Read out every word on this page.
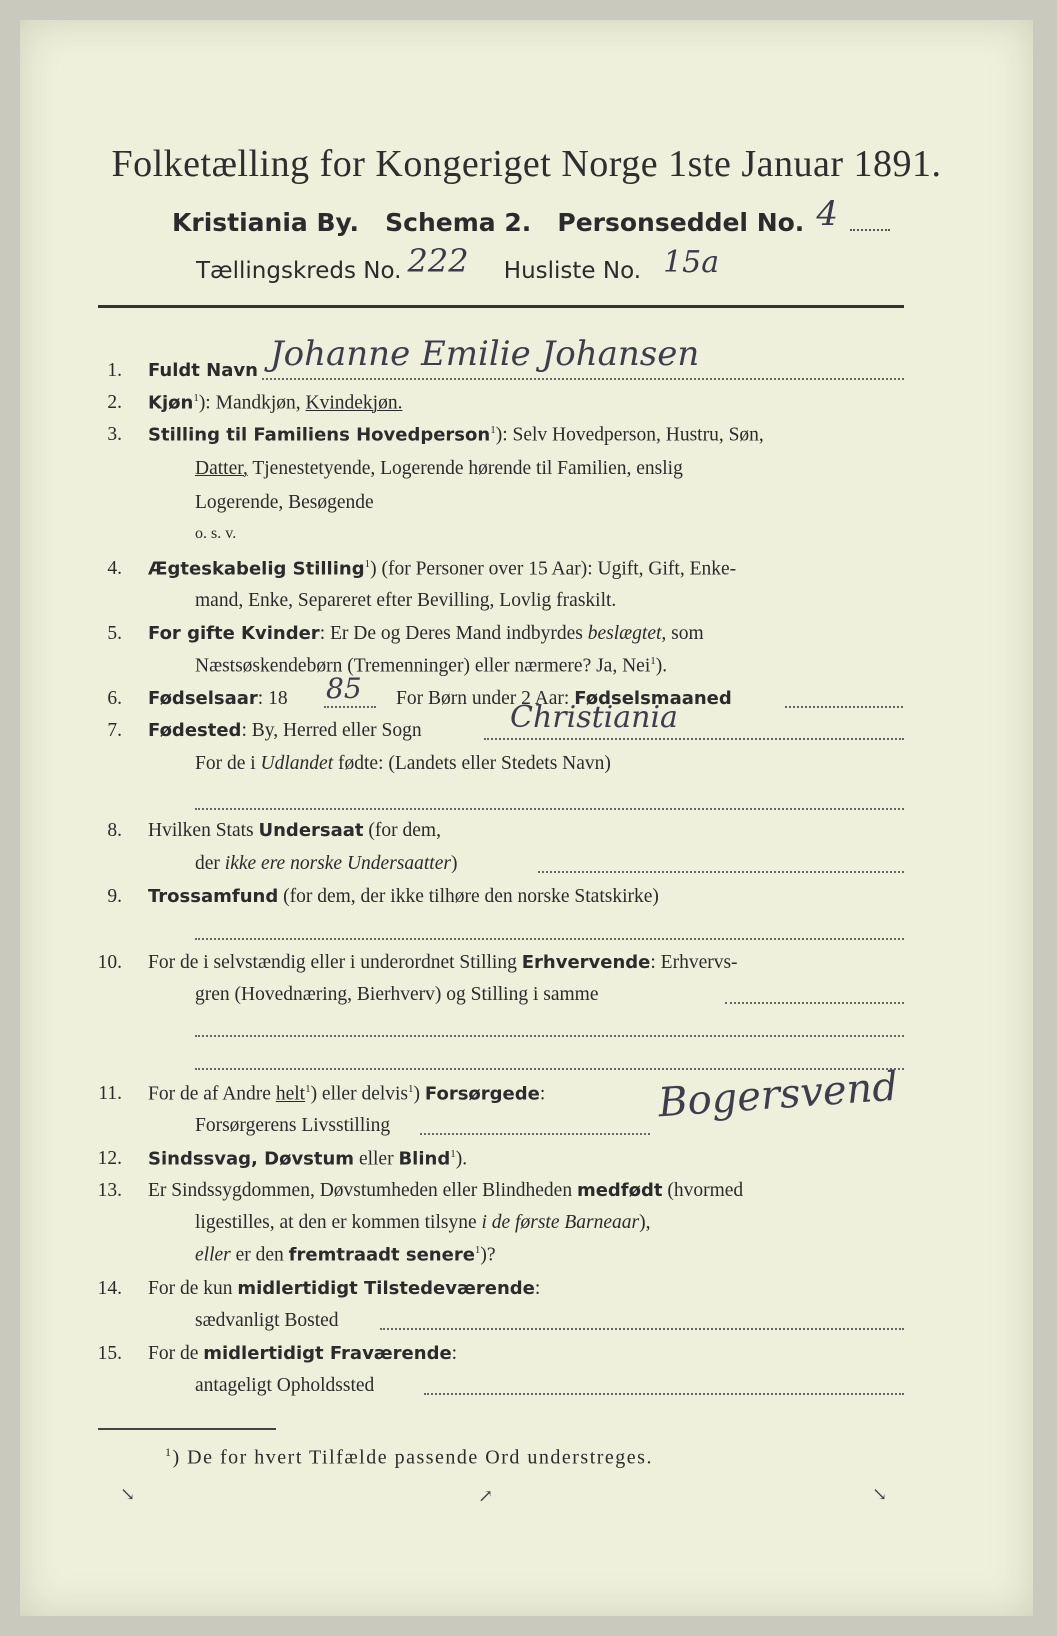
Folketælling for Kongeriget Norge 1ste Januar 1891.
Kristiania By. Schema 2. Personseddel No. 4
Tællingskreds No. 222 Husliste No. 15a
1. Fuldt Navn Johanne Emilie Johansen
2. Kjøn$^1$): Mandkjøn, Kvindekjøn.
3. Stilling til Familiens Hovedperson$^1$): Selv Hovedperson, Hustru, Søn,
Datter, Tjenestetyende, Logerende hørende til Familien, enslig
Logerende, Besøgende
o. s. v.
4. Ægteskabelig Stilling$^1$) (for Personer over 15 Aar): Ugift, Gift, Enke-
mand, Enke, Separeret efter Bevilling, Lovlig fraskilt.
5. For gifte Kvinder: Er De og Deres Mand indbyrdes beslægtet, som
Næstsøskendebørn (Tremenninger) eller nærmere? Ja, Nei$^1$).
6. Fødselsaar: 18 85 For Børn under 2 Aar: Fødselsmaaned
7. Fødested: By, Herred eller Sogn	Christiania
For de i Udlandet fødte: (Landets eller Stedets Navn)
8. Hvilken Stats Undersaat (for dem,
der ikke ere norske Undersaatter)
9. Trossamfund (for dem, der ikke tilhøre den norske Statskirke)
10. For de i selvstændig eller i underordnet Stilling Erhvervende: Erhvervs-
gren (Hovednæring, Bierhverv) og Stilling i samme
11. For de af Andre helt$^1$) eller delvis$^1$) Forsørgede:
Forsørgerens Livsstilling	Bogersvend
12. Sindssvag, Døvstum eller Blind$^1$).
13. Er Sindssygdommen, Døvstumheden eller Blindheden medfødt (hvormed
ligestilles, at den er kommen tilsyne i de første Barneaar),
eller er den fremtraadt senere$^1$)?
14. For de kun midlertidigt Tilstedeværende:
sædvanligt Bosted
15. For de midlertidigt Fraværende:
antageligt Opholdssted
$^1$) De for hvert Tilfælde passende Ord understreges.
↘	↗	↘
